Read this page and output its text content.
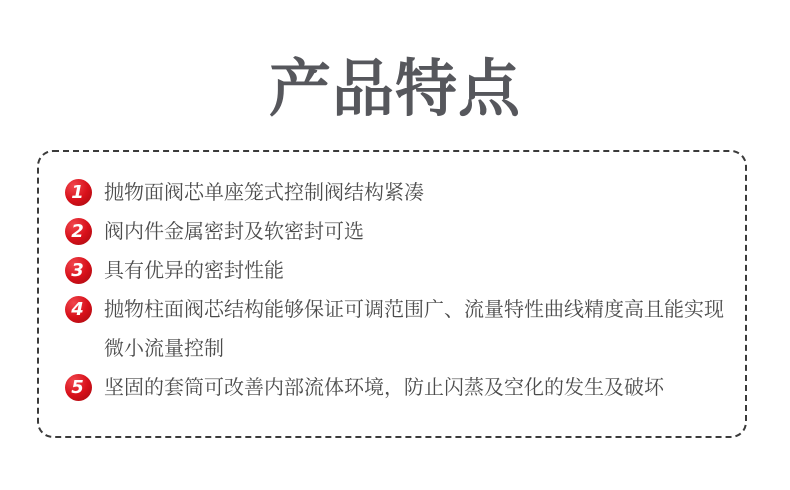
产品特点
1	抛物面阀芯单座笼式控制阀结构紧凑
2	阀内件金属密封及软密封可选
3	具有优异的密封性能
4	抛物柱面阀芯结构能够保证可调范围广、流量特性曲线精度高且能实现微小流量控制
5	坚固的套筒可改善内部流体环境，防止闪蒸及空化的发生及破坏
